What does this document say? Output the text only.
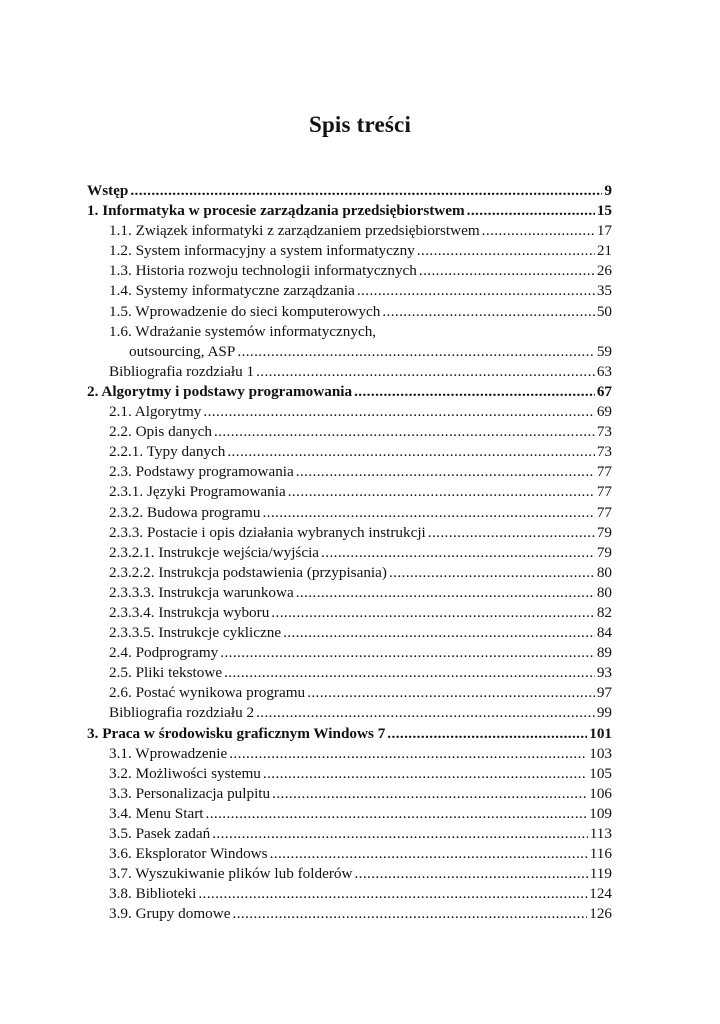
Spis treści
Wstęp .....	9
1. Informatyka w procesie zarządzania przedsiębiorstwem .....	15
1.1. Związek informatyki z zarządzaniem przedsiębiorstwem .....	17
1.2. System informacyjny a system informatyczny .....	21
1.3. Historia rozwoju technologii informatycznych .....	26
1.4. Systemy informatyczne zarządzania .....	35
1.5. Wprowadzenie do sieci komputerowych .....	50
1.6. Wdrażanie systemów informatycznych,
outsourcing, ASP .....	59
Bibliografia rozdziału 1 .....	63
2. Algorytmy i podstawy programowania .....	67
2.1. Algorytmy .....	69
2.2. Opis danych .....	73
2.2.1. Typy danych .....	73
2.3. Podstawy programowania .....	77
2.3.1. Języki Programowania .....	77
2.3.2. Budowa programu .....	77
2.3.3. Postacie i opis działania wybranych instrukcji .....	79
2.3.2.1. Instrukcje wejścia/wyjścia .....	79
2.3.2.2. Instrukcja podstawienia (przypisania) .....	80
2.3.3.3. Instrukcja warunkowa .....	80
2.3.3.4. Instrukcja wyboru .....	82
2.3.3.5. Instrukcje cykliczne .....	84
2.4. Podprogramy .....	89
2.5. Pliki tekstowe .....	93
2.6. Postać wynikowa programu .....	97
Bibliografia rozdziału 2 .....	99
3. Praca w środowisku graficznym Windows 7 .....	101
3.1. Wprowadzenie .....	103
3.2. Możliwości systemu .....	105
3.3. Personalizacja pulpitu .....	106
3.4. Menu Start .....	109
3.5. Pasek zadań .....	113
3.6. Eksplorator Windows .....	116
3.7. Wyszukiwanie plików lub folderów .....	119
3.8. Biblioteki .....	124
3.9. Grupy domowe .....	126
